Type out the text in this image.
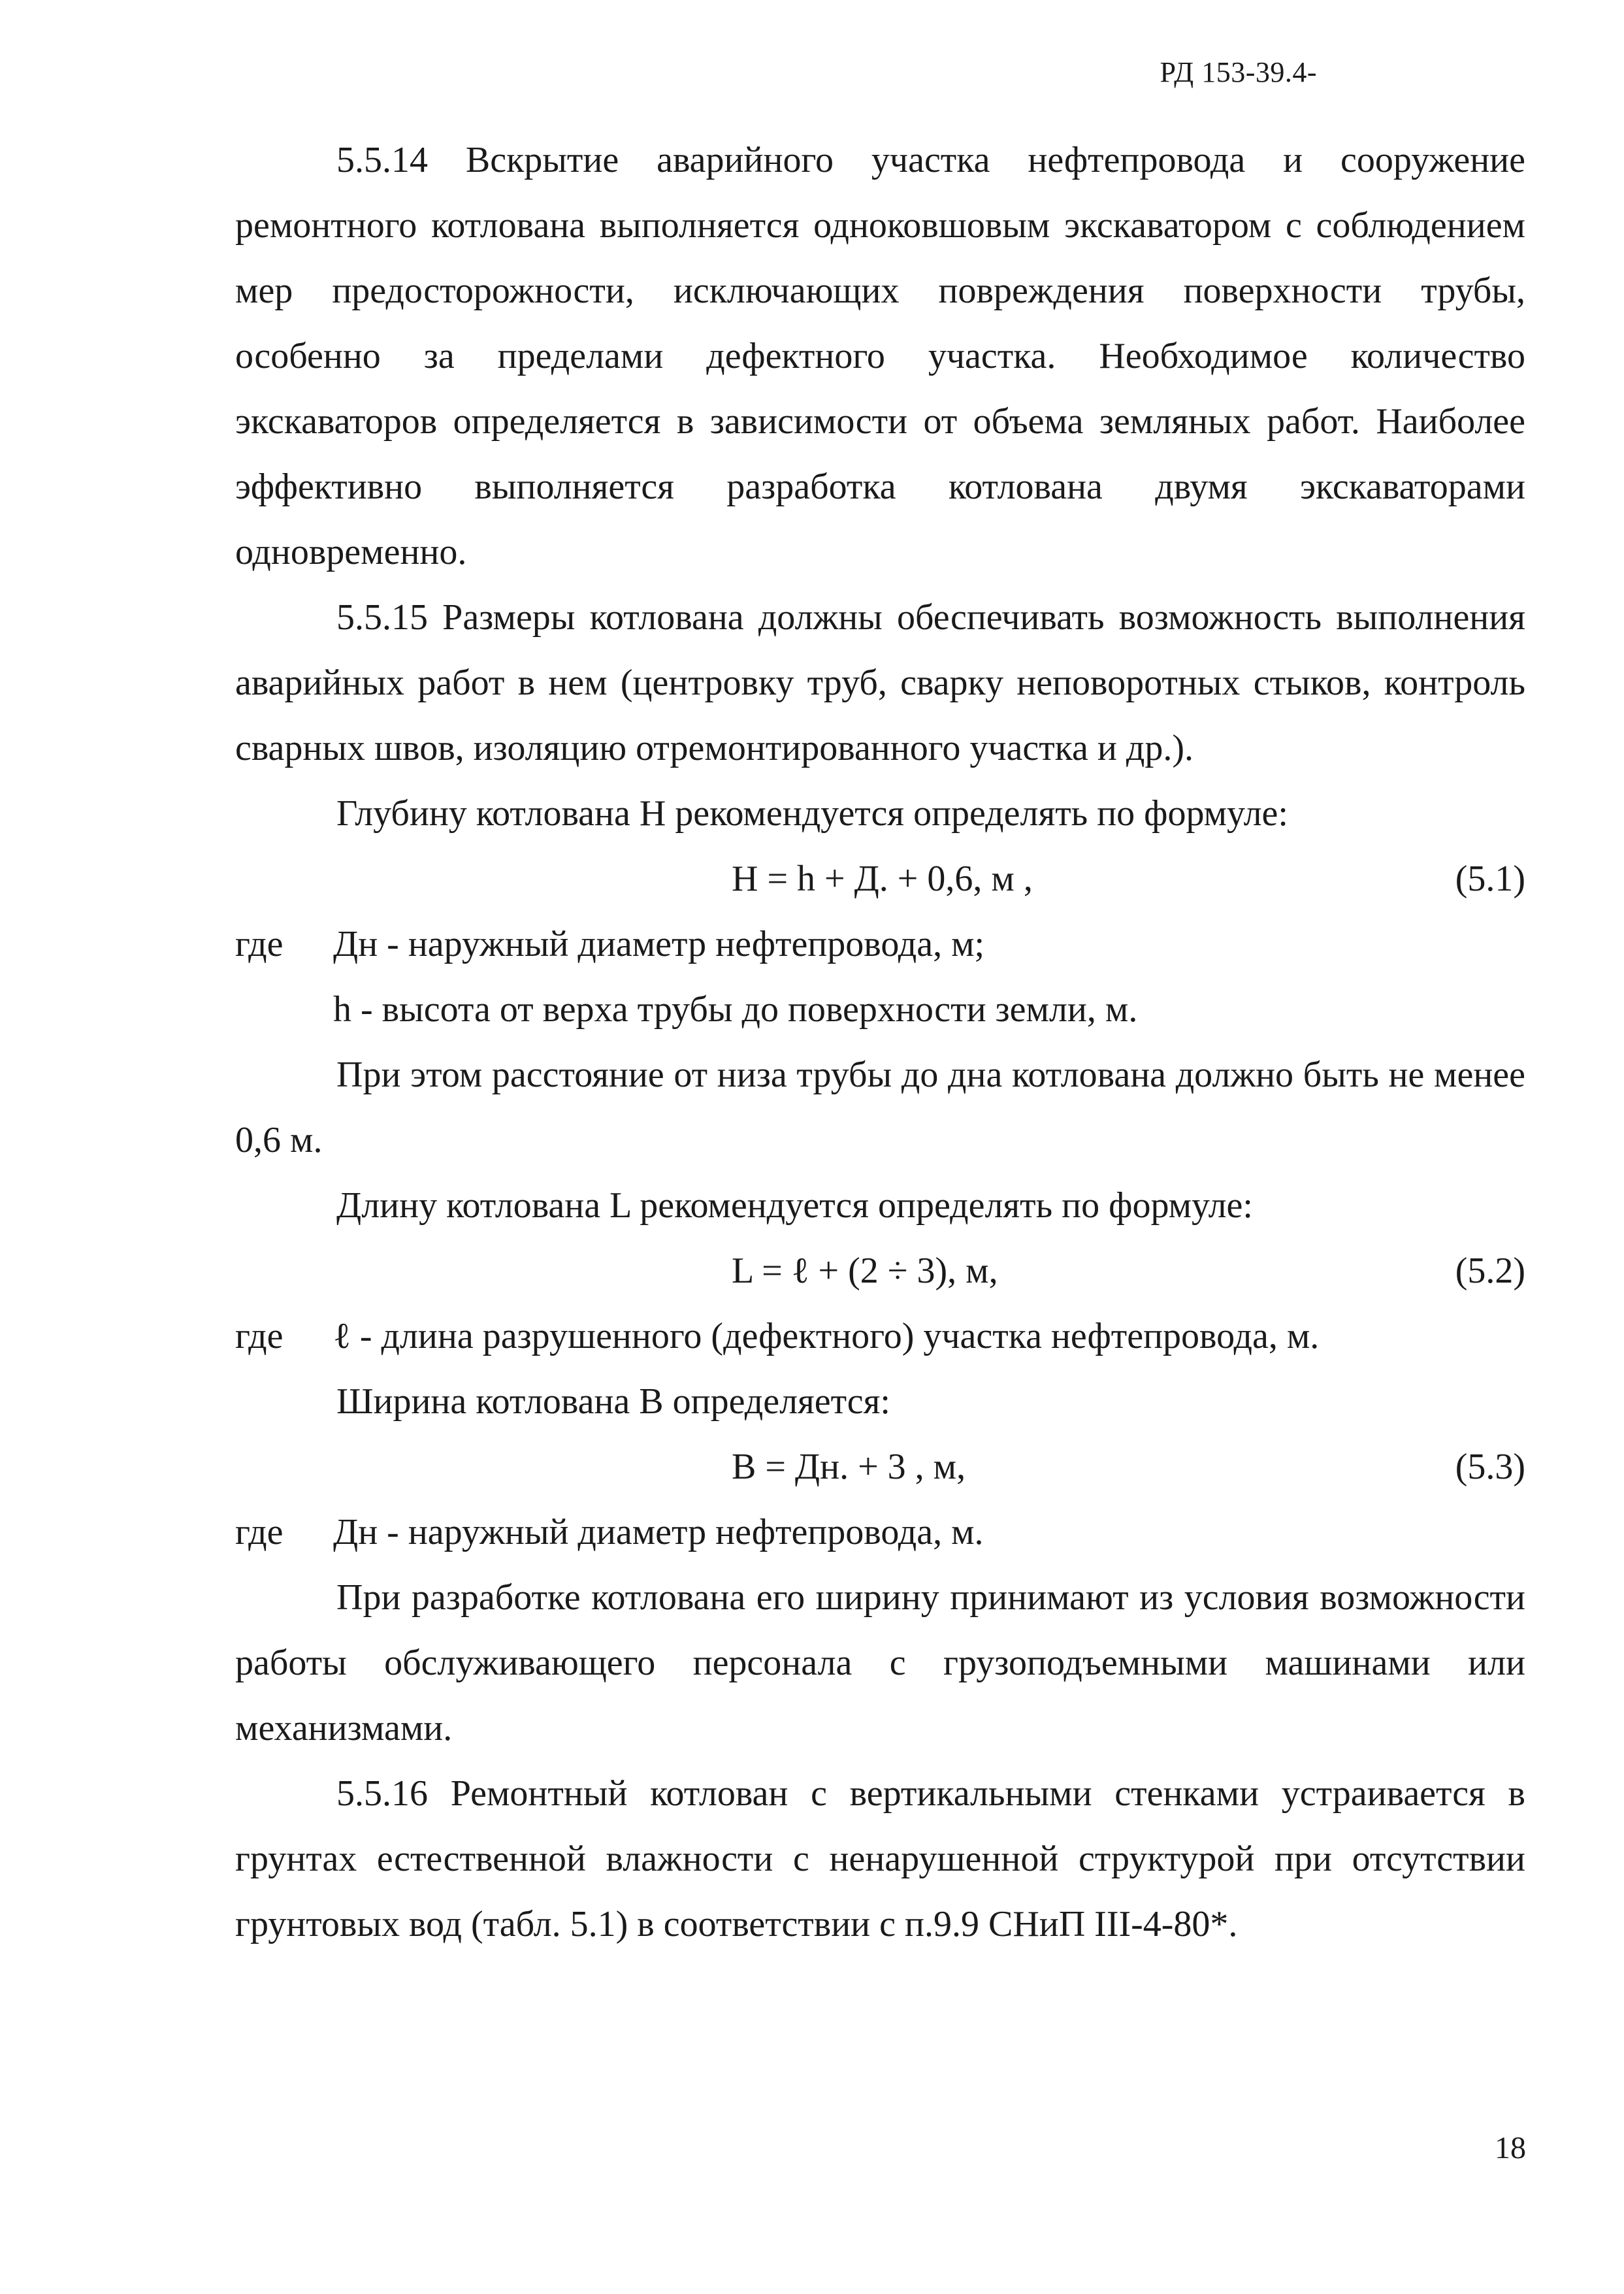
РД 153-39.4-

5.5.14 Вскрытие аварийного участка нефтепровода и сооружение ремонтного котлована выполняется одноковшовым экскаватором с соблюдением мер предосторожности, исключающих повреждения поверхности трубы, особенно за пределами дефектного участка. Необходимое количество экскаваторов определяется в зависимости от объема земляных работ. Наиболее эффективно выполняется разработка котлована двумя экскаваторами одновременно.

5.5.15 Размеры котлована должны обеспечивать возможность выполнения аварийных работ в нем (центровку труб, сварку неповоротных стыков, контроль сварных швов, изоляцию отремонтированного участка и др.).

Глубину котлована Н рекомендуется определять по формуле:

H = h + Д. + 0,6, м ,	(5.1)
где Дн - наружный диаметр нефтепровода, м;
h - высота от верха трубы до поверхности земли, м.

При этом расстояние от низа трубы до дна котлована должно быть не менее 0,6 м.

Длину котлована L рекомендуется определять по формуле:

L = ℓ + (2 ÷ 3), м,	(5.2)
где ℓ - длина разрушенного (дефектного) участка нефтепровода, м.

Ширина котлована В определяется:

B = Дн. + 3 , м,	(5.3)
где Дн - наружный диаметр нефтепровода, м.

При разработке котлована его ширину принимают из условия возможности работы обслуживающего персонала с грузоподъемными машинами или механизмами.

5.5.16 Ремонтный котлован с вертикальными стенками устраивается в грунтах естественной влажности с ненарушенной структурой при отсутствии грунтовых вод (табл. 5.1) в соответствии с п.9.9 СНиП III-4-80*.

18
